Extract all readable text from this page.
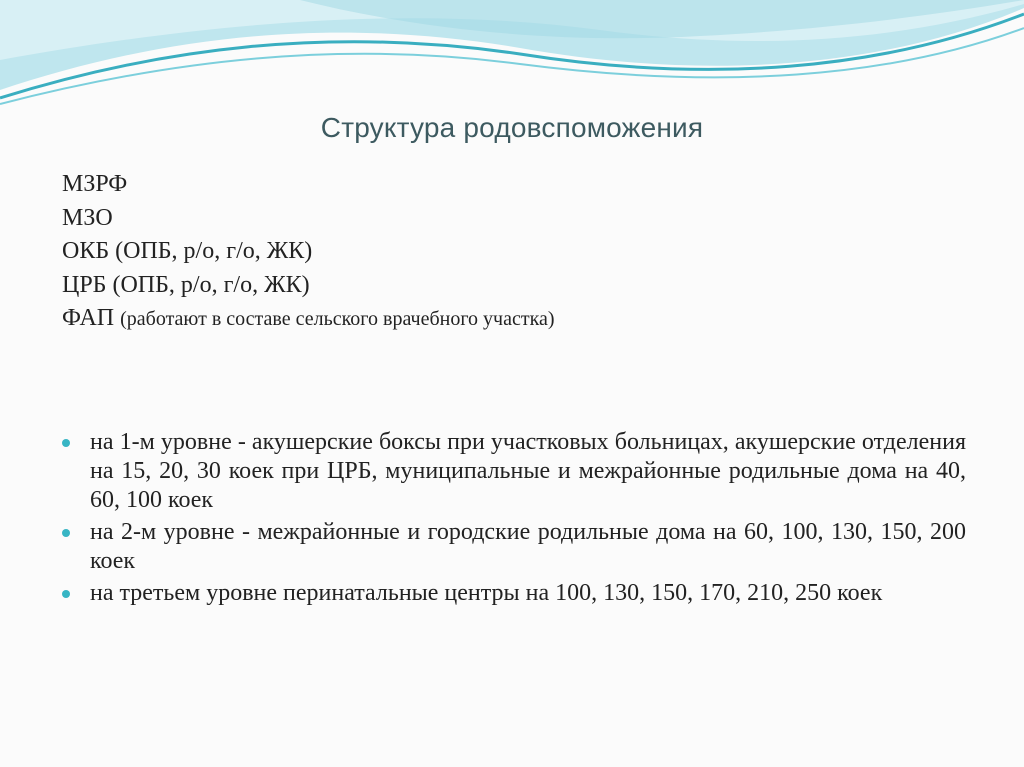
Структура родовспоможения
МЗРФ
МЗО
ОКБ (ОПБ, р/о, г/о, ЖК)
ЦРБ (ОПБ, р/о, г/о, ЖК)
ФАП (работают в составе сельского врачебного участка)
на 1-м уровне - акушерские боксы при участковых больницах, акушерские отделения на 15, 20, 30 коек при ЦРБ, муниципальные и межрайонные родильные дома на 40, 60, 100 коек
на 2-м уровне - межрайонные и городские родильные дома на 60, 100, 130, 150, 200 коек
на третьем уровне перинатальные центры на 100, 130, 150, 170, 210, 250 коек
